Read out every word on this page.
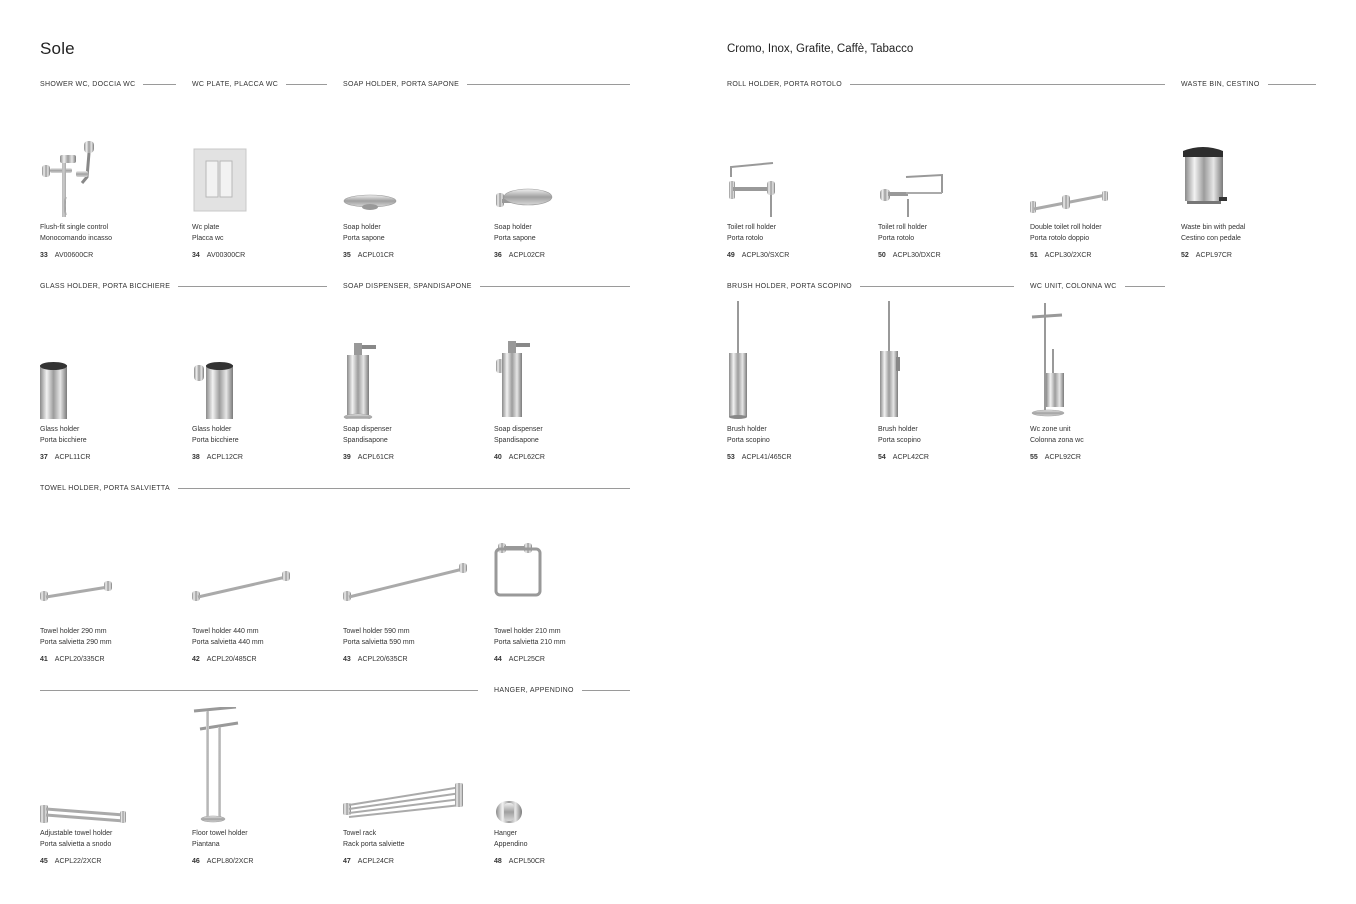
Sole	Cromo, Inox, Grafite, Caffè, Tabacco
SHOWER WC, DOCCIA WC	WC PLATE, PLACCA WC	SOAP HOLDER, PORTA SAPONE	ROLL HOLDER, PORTA ROTOLO	WASTE BIN, CESTINO
GLASS HOLDER, PORTA BICCHIERE	SOAP DISPENSER, SPANDISAPONE	BRUSH HOLDER, PORTA SCOPINO	WC UNIT, COLONNA WC
TOWEL HOLDER, PORTA SALVIETTA
HANGER, APPENDINO
Flush-fit single control
Monocomando incasso
33 AV00600CR
Wc plate
Placca wc
34 AV00300CR
Soap holder
Porta sapone
35 ACPL01CR
Soap holder
Porta sapone
36 ACPL02CR
Glass holder
Porta bicchiere
37 ACPL11CR
Glass holder
Porta bicchiere
38 ACPL12CR
Soap dispenser
Spandisapone
39 ACPL61CR
Soap dispenser
Spandisapone
40 ACPL62CR
Towel holder 290 mm
Porta salvietta 290 mm
41 ACPL20/335CR
Towel holder 440 mm
Porta salvietta 440 mm
42 ACPL20/485CR
Towel holder 590 mm
Porta salvietta 590 mm
43 ACPL20/635CR
Towel holder 210 mm
Porta salvietta 210 mm
44 ACPL25CR
Adjustable towel holder
Porta salvietta a snodo
45 ACPL22/2XCR
Floor towel holder
Piantana
46 ACPL80/2XCR
Towel rack
Rack porta salviette
47 ACPL24CR
Hanger
Appendino
48 ACPL50CR
Toilet roll holder
Porta rotolo
49 ACPL30/SXCR
Toilet roll holder
Porta rotolo
50 ACPL30/DXCR
Double toilet roll holder
Porta rotolo doppio
51 ACPL30/2XCR
Waste bin with pedal
Cestino con pedale
52 ACPL97CR
Brush holder
Porta scopino
53 ACPL41/465CR
Brush holder
Porta scopino
54 ACPL42CR
Wc zone unit
Colonna zona wc
55 ACPL92CR
